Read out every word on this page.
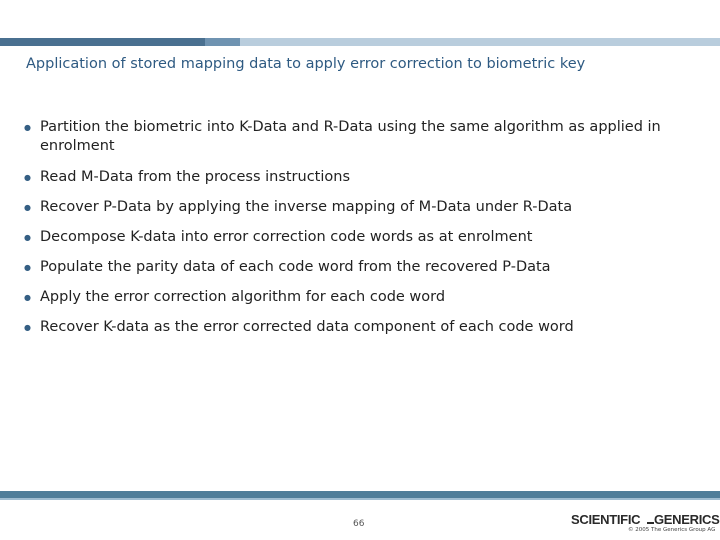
Application of stored mapping data to apply error correction to biometric key
● Partition the biometric into K-Data and R-Data using the same algorithm as applied in enrolment
● Read M-Data from the process instructions
● Recover P-Data by applying the inverse mapping of M-Data under R-Data
● Decompose K-data into error correction code words as at enrolment
● Populate the parity data of each code word from the recovered P-Data
● Apply the error correction algorithm for each code word
● Recover K-data as the error corrected data component of each code word
66	SCIENTIFIC GENERICS
© 2005 The Generics Group AG
